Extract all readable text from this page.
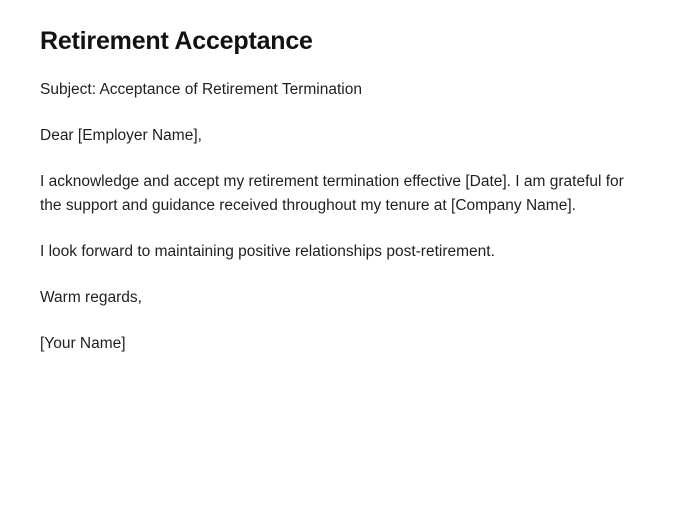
Retirement Acceptance

Subject: Acceptance of Retirement Termination

Dear [Employer Name],

I acknowledge and accept my retirement termination effective [Date]. I am grateful for the support and guidance received throughout my tenure at [Company Name].

I look forward to maintaining positive relationships post-retirement.

Warm regards,

[Your Name]
